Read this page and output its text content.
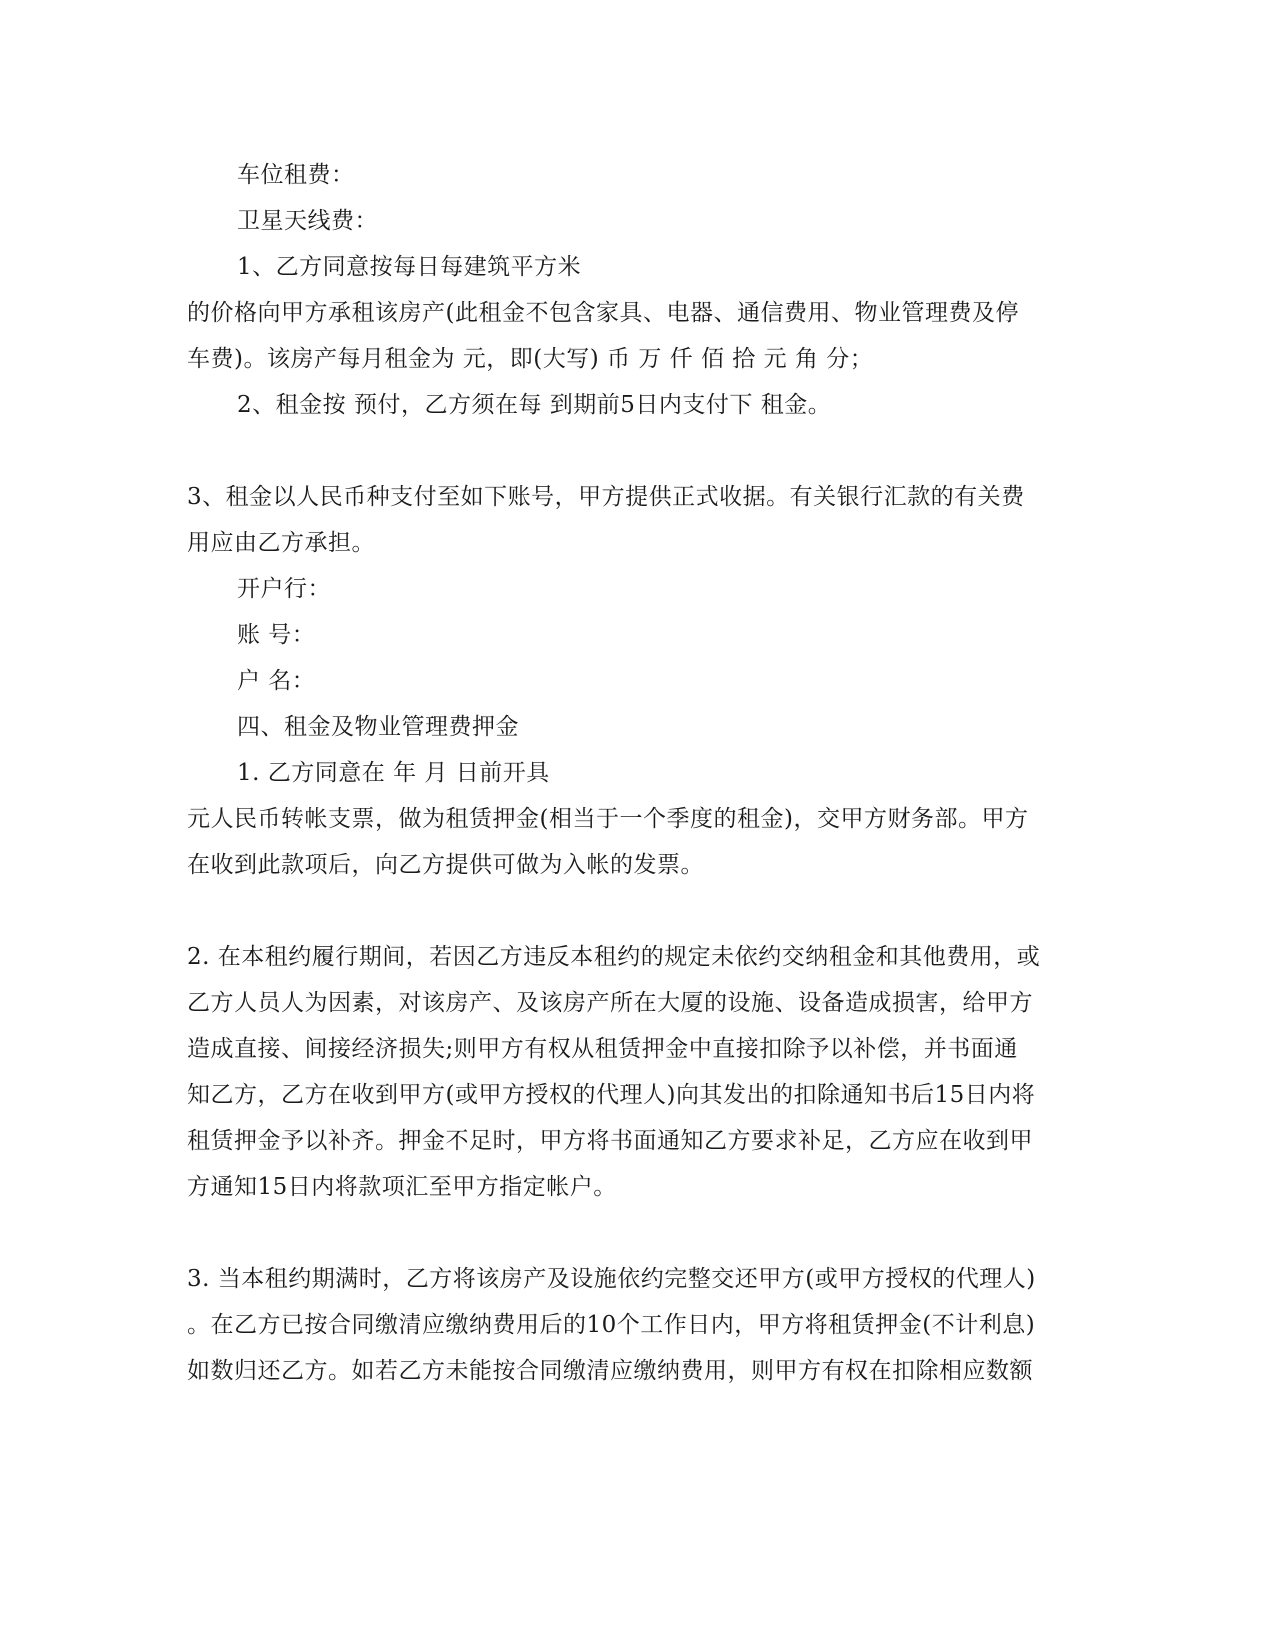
车位租费：
卫星天线费：
1、乙方同意按每日每建筑平方米
的价格向甲方承租该房产(此租金不包含家具、电器、通信费用、物业管理费及停
车费)。该房产每月租金为 元，即(大写) 币 万 仟 佰 拾 元 角 分；
2、租金按 预付，乙方须在每 到期前5日内支付下 租金。
3、租金以人民币种支付至如下账号，甲方提供正式收据。有关银行汇款的有关费
用应由乙方承担。
开户行：
账 号：
户 名：
四、租金及物业管理费押金
1. 乙方同意在 年 月 日前开具
元人民币转帐支票，做为租赁押金(相当于一个季度的租金)，交甲方财务部。甲方
在收到此款项后，向乙方提供可做为入帐的发票。
2. 在本租约履行期间，若因乙方违反本租约的规定未依约交纳租金和其他费用，或
乙方人员人为因素，对该房产、及该房产所在大厦的设施、设备造成损害，给甲方
造成直接、间接经济损失;则甲方有权从租赁押金中直接扣除予以补偿，并书面通
知乙方，乙方在收到甲方(或甲方授权的代理人)向其发出的扣除通知书后15日内将
租赁押金予以补齐。押金不足时，甲方将书面通知乙方要求补足，乙方应在收到甲
方通知15日内将款项汇至甲方指定帐户。
3. 当本租约期满时，乙方将该房产及设施依约完整交还甲方(或甲方授权的代理人)
。在乙方已按合同缴清应缴纳费用后的10个工作日内，甲方将租赁押金(不计利息)
如数归还乙方。如若乙方未能按合同缴清应缴纳费用，则甲方有权在扣除相应数额
